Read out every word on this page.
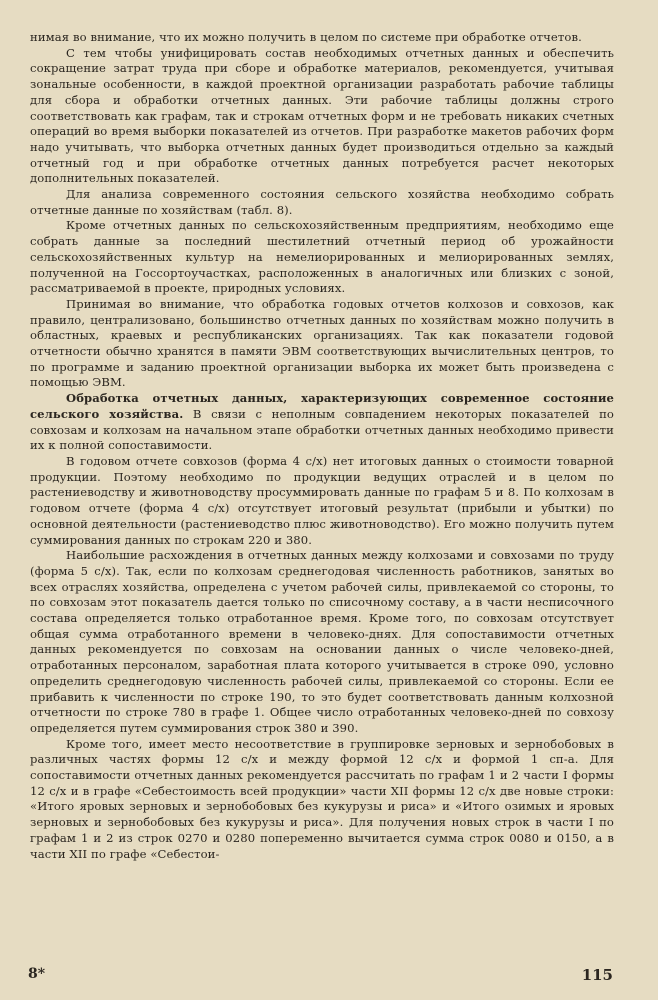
нимая во внимание, что их можно получить в целом по системе при обработке отчетов.

С тем чтобы унифицировать состав необходимых отчетных данных и обеспечить сокращение затрат труда при сборе и обработке материалов, рекомендуется, учитывая зональные особенности, в каждой проектной организации разработать рабочие таблицы для сбора и обработки отчетных данных. Эти рабочие таблицы должны строго соответствовать как графам, так и строкам отчетных форм и не требовать никаких счетных операций во время выборки показателей из отчетов. При разработке макетов рабочих форм надо учитывать, что выборка отчетных данных будет производиться отдельно за каждый отчетный год и при обработке отчетных данных потребуется расчет некоторых дополнительных показателей.

Для анализа современного состояния сельского хозяйства необходимо собрать отчетные данные по хозяйствам (табл. 8).

Кроме отчетных данных по сельскохозяйственным предприятиям, необходимо еще собрать данные за последний шестилетний отчетный период об урожайности сельскохозяйственных культур на немелиорированных и мелиорированных землях, полученной на Госсортоучастках, расположенных в аналогичных или близких с зоной, рассматриваемой в проекте, природных условиях.

Принимая во внимание, что обработка годовых отчетов колхозов и совхозов, как правило, централизовано, большинство отчетных данных по хозяйствам можно получить в областных, краевых и республиканских организациях. Так как показатели годовой отчетности обычно хранятся в памяти ЭВМ соответствующих вычислительных центров, то по программе и заданию проектной организации выборка их может быть произведена с помощью ЭВМ.

Обработка отчетных данных, характеризующих современное состояние сельского хозяйства. В связи с неполным совпадением некоторых показателей по совхозам и колхозам на начальном этапе обработки отчетных данных необходимо привести их к полной сопоставимости.

В годовом отчете совхозов (форма 4 с/х) нет итоговых данных о стоимости товарной продукции. Поэтому необходимо по продукции ведущих отраслей и в целом по растениеводству и животноводству просуммировать данные по графам 5 и 8. По колхозам в годовом отчете (форма 4 с/х) отсутствует итоговый результат (прибыли и убытки) по основной деятельности (растениеводство плюс животноводство). Его можно получить путем суммирования данных по строкам 220 и 380.

Наибольшие расхождения в отчетных данных между колхозами и совхозами по труду (форма 5 с/х). Так, если по колхозам среднегодовая численность работников, занятых во всех отраслях хозяйства, определена с учетом рабочей силы, привлекаемой со стороны, то по совхозам этот показатель дается только по списочному составу, а в части несписочного состава определяется только отработанное время. Кроме того, по совхозам отсутствует общая сумма отработанного времени в человеко-днях. Для сопоставимости отчетных данных рекомендуется по совхозам на основании данных о числе человеко-дней, отработанных персоналом, заработная плата которого учитывается в строке 090, условно определить среднегодовую численность рабочей силы, привлекаемой со стороны. Если ее прибавить к численности по строке 190, то это будет соответствовать данным колхозной отчетности по строке 780 в графе 1. Общее число отработанных человеко-дней по совхозу определяется путем суммирования строк 380 и 390.

Кроме того, имеет место несоответствие в группировке зерновых и зернобобовых в различных частях формы 12 с/х и между формой 12 с/х и формой 1 сп-а. Для сопоставимости отчетных данных рекомендуется рассчитать по графам 1 и 2 части I формы 12 с/х и в графе «Себестоимость всей продукции» части XII формы 12 с/х две новые строки: «Итого яровых зерновых и зернобобовых без кукурузы и риса» и «Итого озимых и яровых зерновых и зернобобовых без кукурузы и риса». Для получения новых строк в части I по графам 1 и 2 из строк 0270 и 0280 попеременно вычитается сумма строк 0080 и 0150, а в части XII по графе «Себестои-

8*	115
